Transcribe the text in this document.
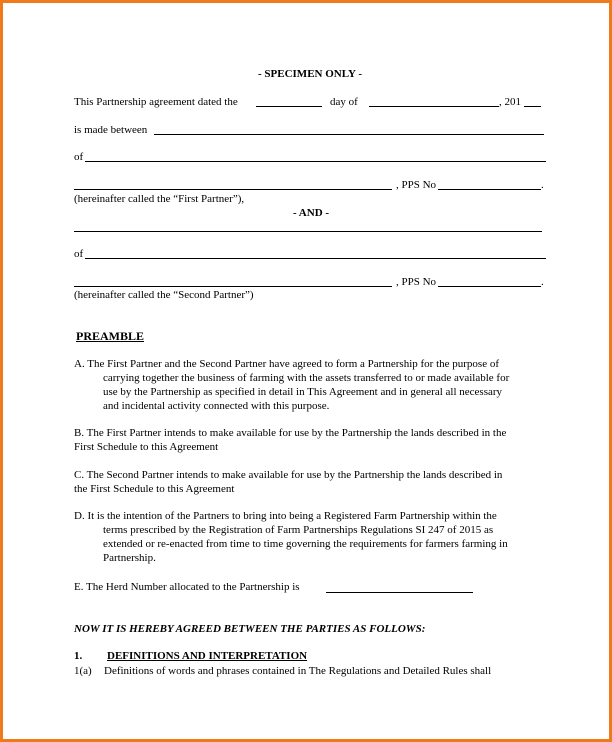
- SPECIMEN ONLY -
This Partnership agreement dated the	day of	, 201
is made between
of
, PPS No	.
(hereinafter called the “First Partner”),
- AND -
of
, PPS No	.
(hereinafter called the “Second Partner”)
PREAMBLE
A. The First Partner and the Second Partner have agreed to form a Partnership for the purpose of
carrying together the business of farming with the assets transferred to or made available for
use by the Partnership as specified in detail in This Agreement and in general all necessary
and incidental activity connected with this purpose.
B. The First Partner intends to make available for use by the Partnership the lands described in the
First Schedule to this Agreement
C. The Second Partner intends to make available for use by the Partnership the lands described in
the First Schedule to this Agreement
D. It is the intention of the Partners to bring into being a Registered Farm Partnership within the
terms prescribed by the Registration of Farm Partnerships Regulations SI 247 of 2015 as
extended or re-enacted from time to time governing the requirements for farmers farming in
Partnership.
E. The Herd Number allocated to the Partnership is
NOW IT IS HEREBY AGREED BETWEEN THE PARTIES AS FOLLOWS:
1. DEFINITIONS AND INTERPRETATION
1(a) Definitions of words and phrases contained in The Regulations and Detailed Rules shall
